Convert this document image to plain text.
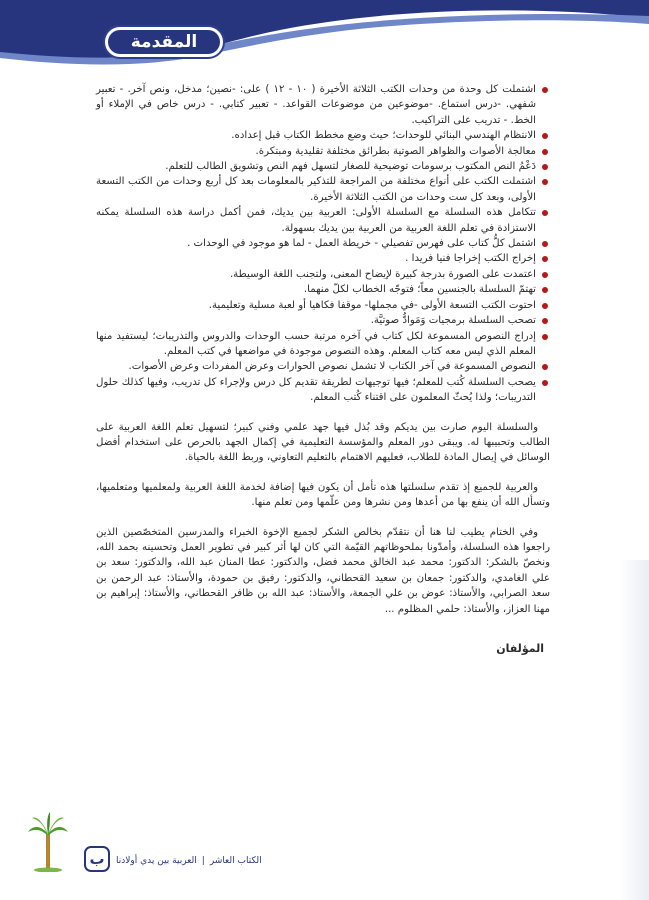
المقدمة
اشتملت كل وحدة من وحدات الكتب الثلاثة الأخيرة ( ١٠ - ١٢ ) على: -نصين؛ مدخل، ونص آخر. - تعبير شفهي. -درس استماع. -موضوعين من موضوعات القواعد. - تعبير كتابي. - درس خاص في الإملاء أو الخط. - تدريب على التراكيب.
الانتظام الهندسي البنائي للوحدات؛ حيث وضع مخطط الكتاب قبل إعداده.
معالجة الأصوات والظواهر الصوتية بطرائق مختلفة تقليدية ومبتكرة.
دَعْمُ النص المكتوب برسومات توضيحية للصغار لتسهل فهم النص وتشويق الطالب للتعلم.
اشتملت الكتب على أنواع مختلفة من المراجعة للتذكير بالمعلومات بعد كل أربع وحدات من الكتب التسعة الأولى، وبعد كل ست وحدات من الكتب الثلاثة الأخيرة.
تتكامل هذه السلسلة مع السلسلة الأولى: العربية بين يديك، فمن أكمل دراسة هذه السلسلة يمكنه الاستزادة في تعلم اللغة العربية من العربية بين يديك بسهولة.
اشتمل كلُّ كتاب على فهرس تفصيلي - خريطة العمل - لما هو موجود في الوحدات .
إخراج الكتب إخراجا فنيا فريدا .
اعتمدت على الصورة بدرجة كبيرة لإيضاح المعنى، ولتجنب اللغة الوسيطة.
تهتمّ السلسلة بالجنسين معاً؛ فتوجّه الخطاب لكلّ منهما.
احتوت الكتب التسعة الأولى -في مجملها- موقفا فكاهيا أو لعبة مسلية وتعليمية.
تصحب السلسلة برمجيات وَمَوادُّ صوتيَّة.
إدراج النصوص المسموعة لكل كتاب في آخره مرتبة حسب الوحدات والدروس والتدريبات؛ ليستفيد منها المعلم الذي ليس معه كتاب المعلم. وهذه النصوص موجودة في مواضعها في كتب المعلم.
النصوص المسموعة في آخر الكتاب لا تشمل نصوص الحوارات وعرض المفردات وعرض الأصوات.
يصحب السلسلة كُتب للمعلم؛ فيها توجيهات لطريقة تقديم كل درس ولإجراء كل تدريب، وفيها كذلك حلول التدريبات؛ ولذا يُحثّ المعلمون على اقتناء كُتب المعلم.

والسلسلة اليوم صارت بين يديكم وقد بُذل فيها جهد علمي وفني كبير؛ لتسهيل تعلم اللغة العربية على الطالب وتحبيبها له. ويبقى دور المعلم والمؤسسة التعليمية في إكمال الجهد بالحرص على استخدام أفضل الوسائل في إيصال المادة للطلاب، فعليهم الاهتمام بالتعليم التعاوني، وربط اللغة بالحياة.

والعربية للجميع إذ تقدم سلسلتها هذه تأمل أن يكون فيها إضافة لخدمة اللغة العربية ولمعلميها ومتعلميها، وتسأل الله أن ينفع بها من أعدها ومن نشرها ومن علّمها ومن تعلم منها.

وفي الختام يطيب لنا هنا أن نتقدّم بخالص الشكر لجميع الإخوة الخبراء والمدرسين المتخصّصين الذين راجعوا هذه السلسلة، وأمدّونا بملحوظاتهم القيّمة التي كان لها أثر كبير في تطوير العمل وتحسينه بحمد الله، ونخصّ بالشكر: الدكتور: محمد عبد الخالق محمد فضل، والدكتور: عطا المنان عبد الله، والدكتور: سعد بن علي الغامدي، والدكتور: جمعان بن سعيد القحطاني، والدكتور: رفيق بن حمودة، والأستاذ: عبد الرحمن بن سعد الصرابي، والأستاذ: عوض بن علي الجمعة، والأستاذ: عبد الله بن ظافر القحطاني، والأستاذ: إبراهيم بن مهنا العزاز، والأستاذ: حلمي المظلوم ...

المؤلفان
ب	الكتاب العاشر|العربية بين يدي أولادنا
